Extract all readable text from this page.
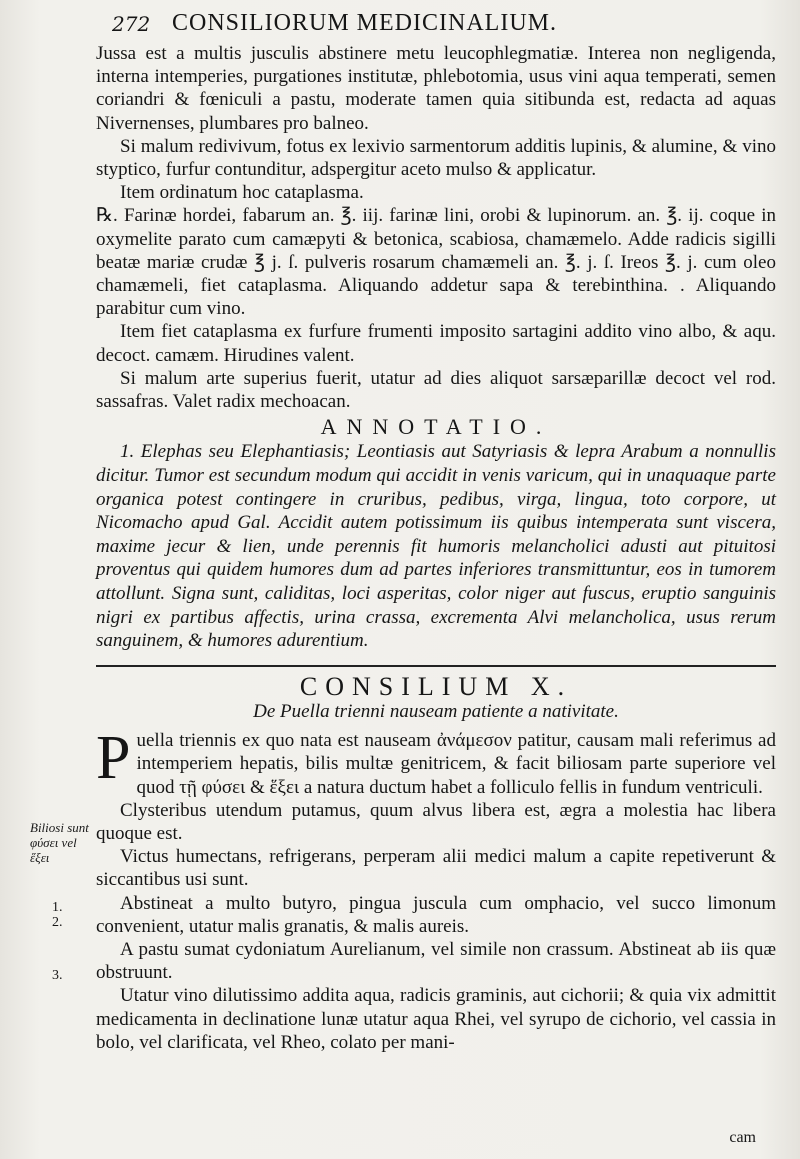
272 CONSILIORUM MEDICINALIUM.

Jussa est a multis jusculis abstinere metu leucophlegmatiæ. Interea non negligenda, interna intemperies, purgationes institutæ, phlebotomia, usus vini aqua temperati, semen coriandri & fœniculi a pastu, moderate tamen quia sitibunda est, redacta ad aquas Nivernenses, plumbares pro balneo.

Si malum redivivum, fotus ex lexivio sarmentorum additis lupinis, & alumine, & vino styptico, furfur contunditur, adspergitur aceto mulso & applicatur.

Item ordinatum hoc cataplasma.

℞. Farinæ hordei, fabarum an. ℥. iij. farinæ lini, orobi & lupinorum. an. ℥. ij. coque in oxymelite parato cum camæpyti & betonica, scabiosa, chamæmelo. Adde radicis sigilli beatæ mariæ crudæ ℥ j. ſ. pulveris rosarum chamæmeli an. ℥. j. ſ. Ireos ℥. j. cum oleo chamæmeli, fiet cataplasma. Aliquando addetur sapa & terebinthina. . Aliquando parabitur cum vino.

Item fiet cataplasma ex furfure frumenti imposito sartagini addito vino albo, & aqu. decoct. camæm. Hirudines valent.

Si malum arte superius fuerit, utatur ad dies aliquot sarsæparillæ decoct vel rod. sassafras. Valet radix mechoacan.

ANNOTATIO.

1. Elephas seu Elephantiasis; Leontiasis aut Satyriasis & lepra Arabum a nonnullis dicitur. Tumor est secundum modum qui accidit in venis varicum, qui in unaquaque parte organica potest contingere in cruribus, pedibus, virga, lingua, toto corpore, ut Nicomacho apud Gal. Accidit autem potissimum iis quibus intemperata sunt viscera, maxime jecur & lien, unde perennis fit humoris melancholici adusti aut pituitosi proventus qui quidem humores dum ad partes inferiores transmittuntur, eos in tumorem attollunt. Signa sunt, caliditas, loci asperitas, color niger aut fuscus, eruptio sanguinis nigri ex partibus affectis, urina crassa, excrementa Alvi melancholica, usus rerum sanguinem, & humores adurentium.

CONSILIUM X.
De Puella trienni nauseam patiente a nativitate.

Puella triennis ex quo nata est nauseam ἀνάμεσον patitur, causam mali referimus ad intemperiem hepatis, bilis multæ genitricem, & facit biliosam parte superiore vel quod τῇ φύσει & ἕξει a natura ductum habet a folliculo fellis in fundum ventriculi.

Clysteribus utendum putamus, quum alvus libera est, ægra a molestia hac libera quoque est.

Victus humectans, refrigerans, perperam alii medici malum a capite repetiverunt & siccantibus usi sunt.

Abstineat a multo butyro, pingua juscula cum omphacio, vel succo limonum convenient, utatur malis granatis, & malis aureis.

A pastu sumat cydoniatum Aurelianum, vel simile non crassum. Abstineat ab iis quæ obstruunt.

Utatur vino dilutissimo addita aqua, radicis graminis, aut cichorii; & quia vix admittit medicamenta in declinatione lunæ utatur aqua Rhei, vel syrupo de cichorio, vel cassia in bolo, vel clarificata, vel Rheo, colato per mani-

Biliosi sunt φύσει vel ἕξει
1.
2.
3.
cam
